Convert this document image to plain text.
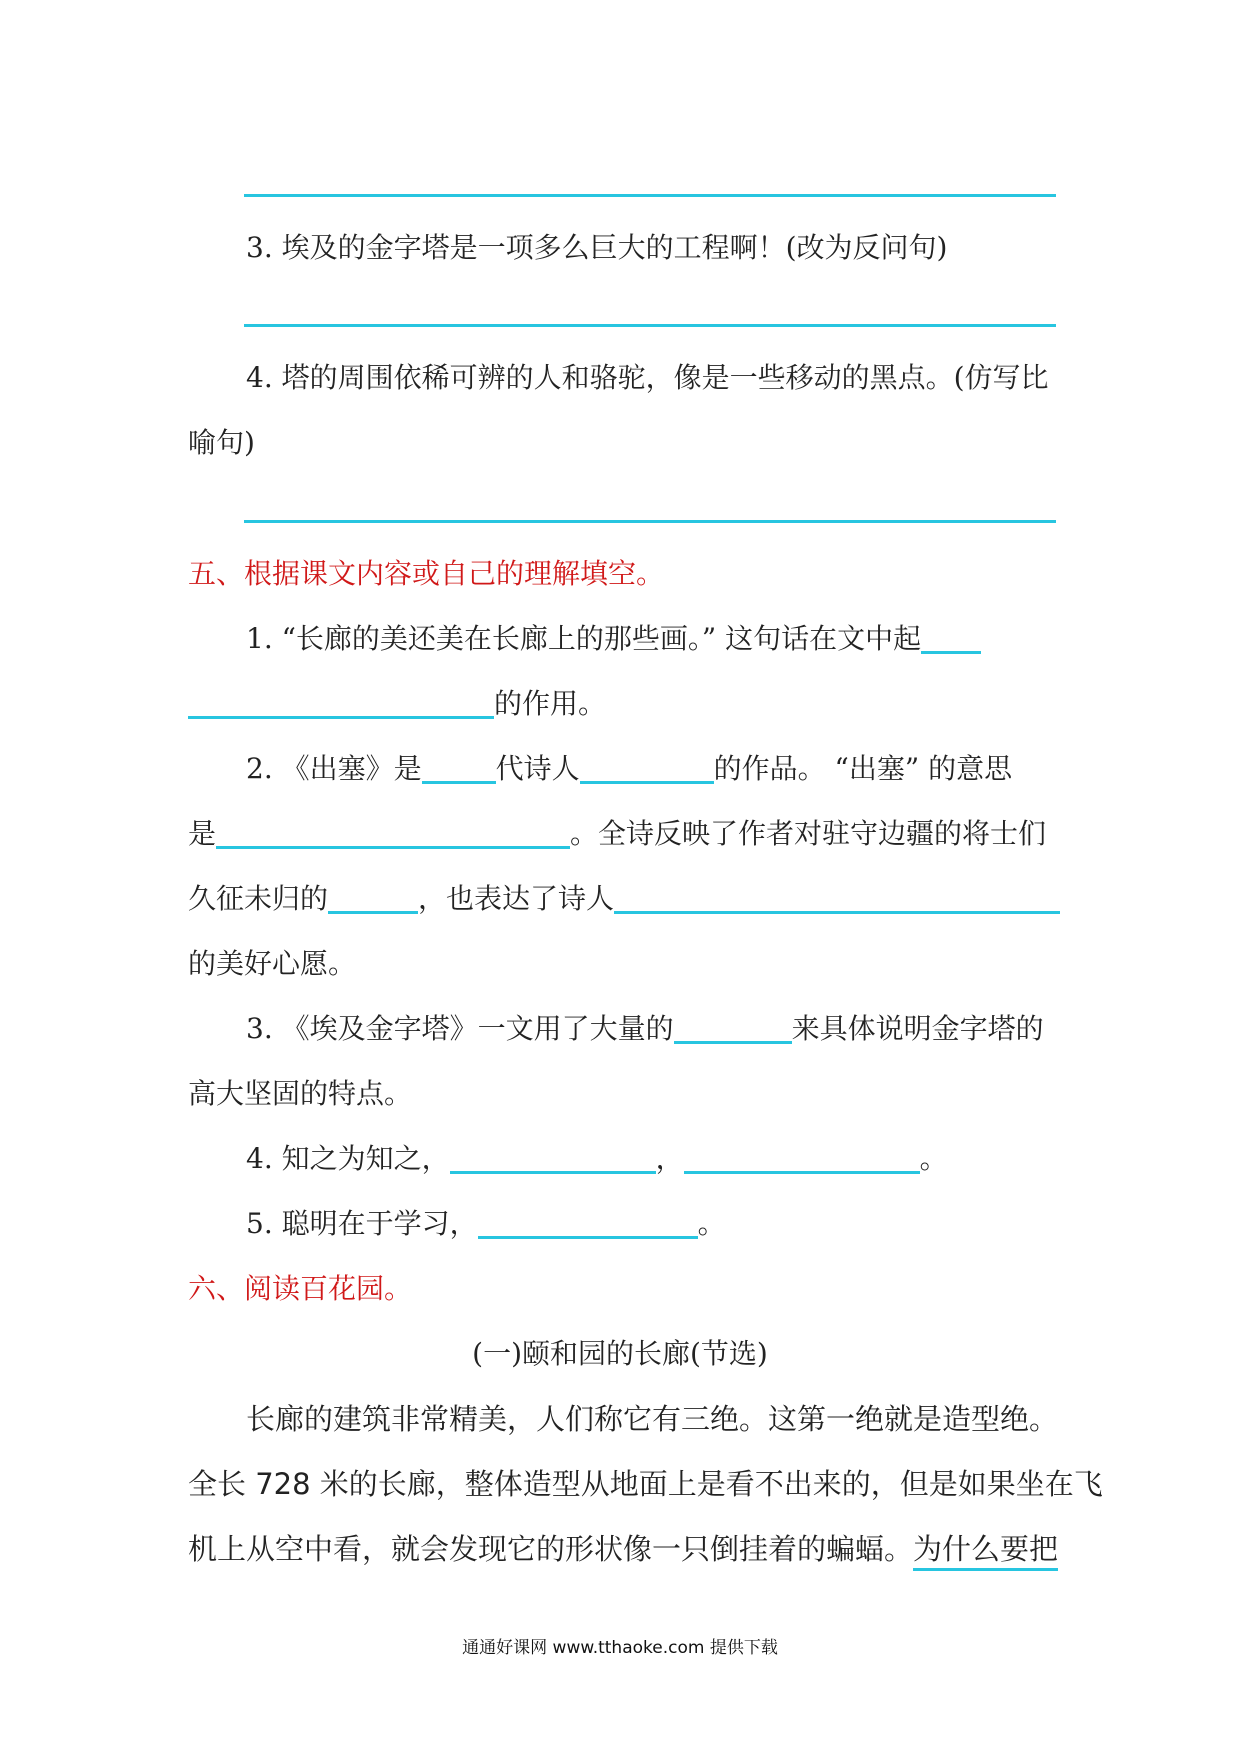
3. 埃及的金字塔是一项多么巨大的工程啊！(改为反问句)
4. 塔的周围依稀可辨的人和骆驼，像是一些移动的黑点。(仿写比
喻句)
五、根据课文内容或自己的理解填空。
1. “长廊的美还美在长廊上的那些画。” 这句话在文中起
的作用。
2. 《出塞》是	代诗人	的作品。 “出塞” 的意思
是	。全诗反映了作者对驻守边疆的将士们
久征未归的	，也表达了诗人
的美好心愿。
3. 《埃及金字塔》一文用了大量的	来具体说明金字塔的
高大坚固的特点。
4. 知之为知之，	，	。
5. 聪明在于学习，	。
六、阅读百花园。
(一)颐和园的长廊(节选)
长廊的建筑非常精美，人们称它有三绝。这第一绝就是造型绝。
全长 728 米的长廊，整体造型从地面上是看不出来的，但是如果坐在飞
机上从空中看，就会发现它的形状像一只倒挂着的蝙蝠。为什么要把
通通好课网 www.tthaoke.com 提供下载
